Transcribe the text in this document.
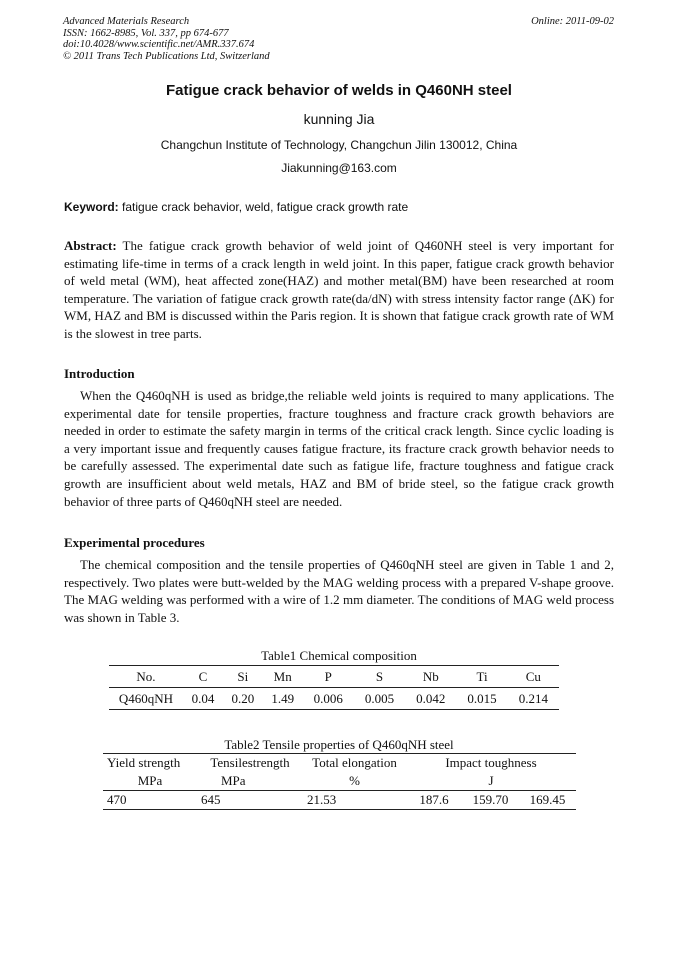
Advanced Materials Research
ISSN: 1662-8985, Vol. 337, pp 674-677
doi:10.4028/www.scientific.net/AMR.337.674
© 2011 Trans Tech Publications Ltd, Switzerland
Online: 2011-09-02
Fatigue crack behavior of welds in Q460NH steel
kunning Jia
Changchun Institute of Technology, Changchun Jilin 130012, China
Jiakunning@163.com
Keyword: fatigue crack behavior, weld, fatigue crack growth rate
Abstract: The fatigue crack growth behavior of weld joint of Q460NH steel is very important for estimating life-time in terms of a crack length in weld joint. In this paper, fatigue crack growth behavior of weld metal (WM), heat affected zone(HAZ) and mother metal(BM) have been researched at room temperature. The variation of fatigue crack growth rate(da/dN) with stress intensity factor range (ΔK) for WM, HAZ and BM is discussed within the Paris region. It is shown that fatigue crack growth rate of WM is the slowest in tree parts.
Introduction
When the Q460qNH is used as bridge,the reliable weld joints is required to many applications. The experimental date for tensile properties, fracture toughness and fracture crack growth behaviors are needed in order to estimate the safety margin in terms of the critical crack length. Since cyclic loading is a very important issue and frequently causes fatigue fracture, its fracture crack growth behavior needs to be carefully assessed. The experimental date such as fatigue life, fracture toughness and fatigue crack growth are insufficient about weld metals, HAZ and BM of bride steel, so the fatigue crack growth behavior of three parts of Q460qNH steel are needed.
Experimental procedures
The chemical composition and the tensile properties of Q460qNH steel are given in Table 1 and 2, respectively. Two plates were butt-welded by the MAG welding process with a prepared V-shape groove. The MAG welding was performed with a wire of 1.2 mm diameter. The conditions of MAG weld process was shown in Table 3.
Table1 Chemical composition
No.	C	Si	Mn	P	S	Nb	Ti	Cu
Q460qNH	0.04	0.20	1.49	0.006	0.005	0.042	0.015	0.214
Table2 Tensile properties of Q460qNH steel
Yield strength	Tensilestrength	Total elongation	Impact toughness		
MPa	MPa	%	J		
470	645	21.53	187.6	159.70	169.45
